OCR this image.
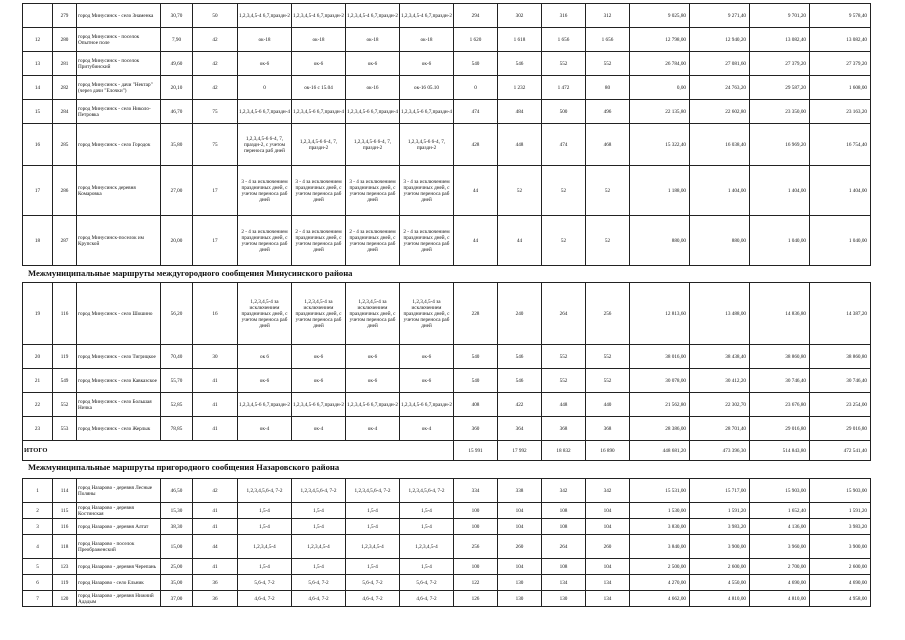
	279	город Минусинск - село Знаменка	30,70	50	1,2,3,4,5-4 6,7,праздн-2	1,2,3,4,5-4 6,7,праздн-2	1,2,3,4,5-4 6,7,праздн-2	1,2,3,4,5-4 6,7,праздн-2	294	302	316	312	9 025,80	9 271,40	9 701,20	9 578,40
12	280	город Минусинск - поселок Опытное поле	7,90	42	ок-18	ок-18	ок-18	ок-18	1 620	1 618	1 656	1 656	12 798,00	12 940,20	13 082,40	13 082,40
13	281	город Минусинск - поселок Притубинский	49,60	42	ок-6	ок-6	ок-6	ок-6	540	546	552	552	26 784,00	27 081,60	27 379,20	27 379,20
14	282	город Минусинск - дачи "Нектар" (через дачи "Елочки")	20,10	42	0	ок-16 с 15.04	ок-16	ок-16 05.10	0	1 232	1 472	80	0,00	24 763,20	29 587,20	1 608,00
15	284	город Минусинск - село Николо-Петровка	46,70	75	1,2,3,4,5-6 6,7,праздн-4	1,2,3,4,5-6 6,7,праздн-4	1,2,3,4,5-6 6,7,праздн-4	1,2,3,4,5-6 6,7,праздн-4	474	484	500	496	22 135,80	22 602,80	23 350,00	23 163,20
16	285	город Минусинск - село Городок	35,80	75	1,2,3,4,5-6 6-4, 7, праздн-2, с учетом переноса раб дней	1,2,3,4,5-6 6-4, 7, праздн-2	1,2,3,4,5-6 6-4, 7, праздн-2	1,2,3,4,5-6 6-4, 7, праздн-2	428	448	474	468	15 322,40	16 038,40	16 969,20	16 754,40
17	286	город Минусинск деревня Комаровка	27,00	17	3 - 4 за исключением праздничных дней, с учетом переноса раб дней	3 - 4 за исключением праздничных дней, с учетом переноса раб дней	3 - 4 за исключением праздничных дней, с учетом переноса раб дней	3 - 4 за исключением праздничных дней, с учетом переноса раб дней	44	52	52	52	1 188,00	1 404,00	1 404,00	1 404,00
18	287	город Минусинск-поселок им Крупской	20,00	17	2 - 4 за исключением праздничных дней, с учетом переноса раб дней	2 - 4 за исключением праздничных дней, с учетом переноса раб дней	2 - 4 за исключением праздничных дней, с учетом переноса раб дней	2 - 4 за исключением праздничных дней, с учетом переноса раб дней	44	44	52	52	880,00	880,00	1 040,00	1 040,00
Межмуниципальные маршруты междугородного сообщения Минусинского района
19	116	город Минусинск - село Шошино	56,20	16	1,2,3,4,5-4 за исключением праздничных дней, с учетом переноса раб дней	1,2,3,4,5-4 за исключением праздничных дней, с учетом переноса раб дней	1,2,3,4,5-4 за исключением праздничных дней, с учетом переноса раб дней	1,2,3,4,5-4 за исключением праздничных дней, с учетом переноса раб дней	228	240	264	256	12 813,60	13 488,00	14 836,80	14 387,20
20	119	город Минусинск - село Тигрицкое	70,40	30	ок 6	ок-6	ок-6	ок-6	540	546	552	552	38 016,00	38 438,40	38 860,80	38 860,80
21	549	город Минусинск - село Кавказское	55,70	41	ок-6	ок-6	ок-6	ок-6	540	546	552	552	30 078,00	30 412,20	30 746,40	30 746,40
22	552	город Минусинск - село Большая Ничка	52,85	41	1,2,3,4,5-6 6,7,праздн-2	1,2,3,4,5-6 6,7,праздн-2	1,2,3,4,5-6 6,7,праздн-2	1,2,3,4,5-6 6,7,праздн-2	408	422	448	440	21 562,80	22 302,70	23 676,80	23 254,00
23	553	город Минусинск - село Жерлык	78,85	41	ок-4	ок-4	ок-4	ок-4	360	364	368	368	28 386,00	28 701,40	29 016,80	29 016,80
ИТОГО									15 991	17 992	18 832	16 890	448 681,20	473 396,30	514 843,80	472 541,40
Межмуниципальные маршруты пригородного сообщения Назаровского района
1	114	город Назарово - деревня Лесные Поляны	46,50	42	1,2,3,4,5,6-4, 7-2	1,2,3,4,5,6-4, 7-2	1,2,3,4,5,6-4, 7-2	1,2,3,4,5,6-4, 7-2	334	338	342	342	15 531,00	15 717,00	15 903,00	15 903,00
2	115	город Назарово - деревня Костинская	15,30	41	1,5-4	1,5-4	1,5-4	1,5-4	100	104	108	104	1 530,00	1 591,20	1 652,40	1 591,20
3	116	город Назарово - деревня Алтат	38,30	41	1,5-4	1,5-4	1,5-4	1,5-4	100	104	108	104	3 830,00	3 983,20	4 136,00	3 983,20
4	118	город Назарово - поселок Преображенский	15,00	44	1,2,3,4,5-4	1,2,3,4,5-4	1,2,3,4,5-4	1,2,3,4,5-4	256	260	264	260	3 840,00	3 900,00	3 960,00	3 900,00
5	123	город Назарово - деревня Черепань	25,00	41	1,5-4	1,5-4	1,5-4	1,5-4	100	104	108	104	2 500,00	2 600,00	2 700,00	2 600,00
6	119	город Назарово - село Ельник	35,00	36	5,6-4, 7-2	5,6-4, 7-2	5,6-4, 7-2	5,6-4, 7-2	122	130	134	134	4 270,00	4 550,00	4 690,00	4 690,00
7	120	город Назарово - деревня Нижний Ададым	37,00	36	4,6-4, 7-2	4,6-4, 7-2	4,6-4, 7-2	4,6-4, 7-2	126	130	130	134	4 662,00	4 810,00	4 810,00	4 958,00
